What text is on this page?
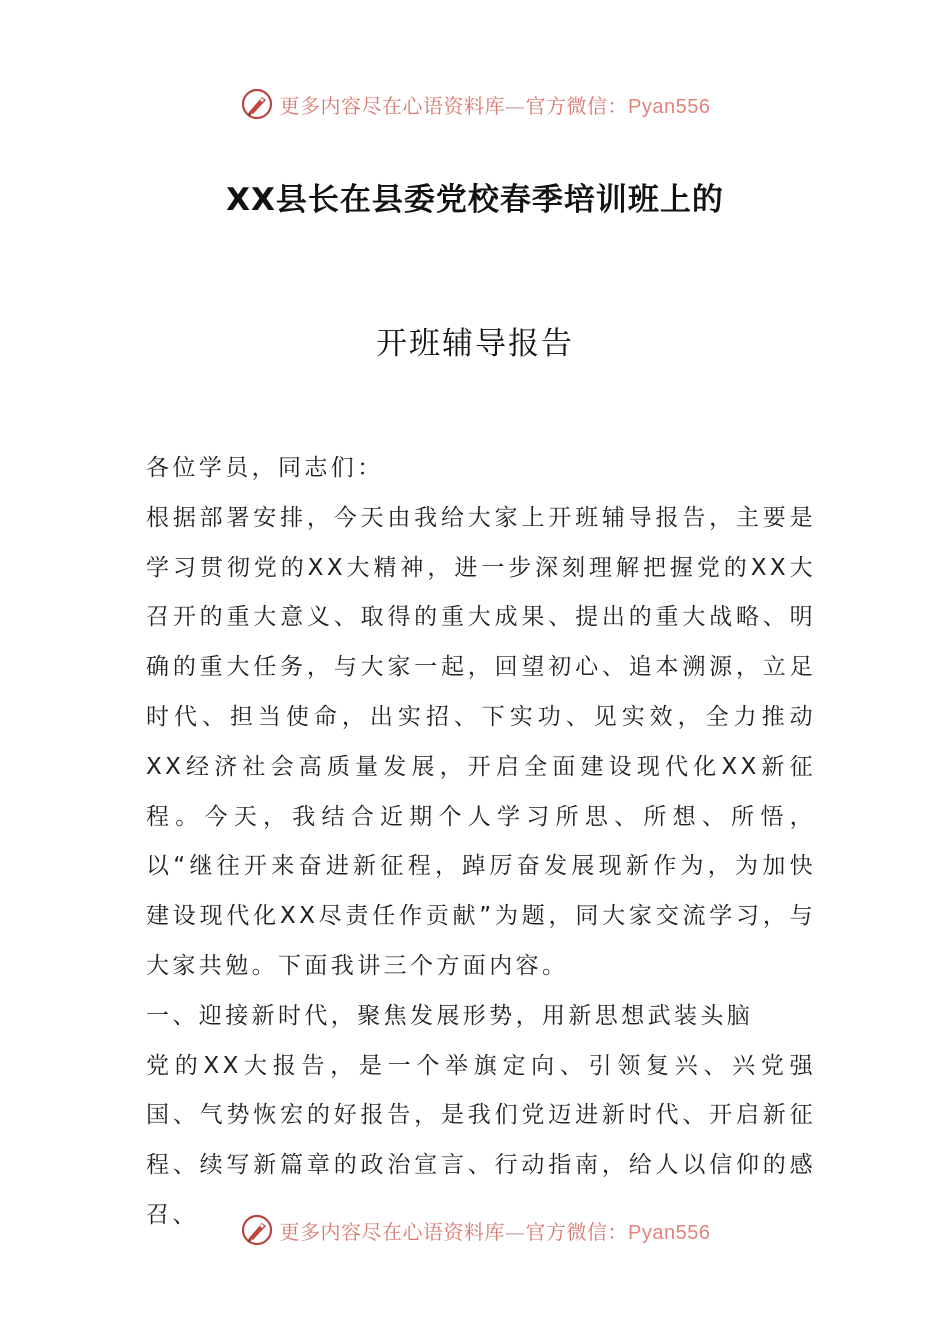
更多内容尽在心语资料库—官方微信：Pyan556
XX县长在县委党校春季培训班上的
开班辅导报告

各位学员，同志们：

根据部署安排，今天由我给大家上开班辅导报告，主要是学习贯彻党的XX大精神，进一步深刻理解把握党的XX大召开的重大意义、取得的重大成果、提出的重大战略、明确的重大任务，与大家一起，回望初心、追本溯源，立足时代、担当使命，出实招、下实功、见实效，全力推动XX经济社会高质量发展，开启全面建设现代化XX新征程。今天，我结合近期个人学习所思、所想、所悟，以“继往开来奋进新征程，踔厉奋发展现新作为，为加快建设现代化XX尽责任作贡献”为题，同大家交流学习，与大家共勉。下面我讲三个方面内容。

一、迎接新时代，聚焦发展形势，用新思想武装头脑

党的XX大报告，是一个举旗定向、引领复兴、兴党强国、气势恢宏的好报告，是我们党迈进新时代、开启新征程、续写新篇章的政治宣言、行动指南，给人以信仰的感召、

更多内容尽在心语资料库—官方微信：Pyan556
